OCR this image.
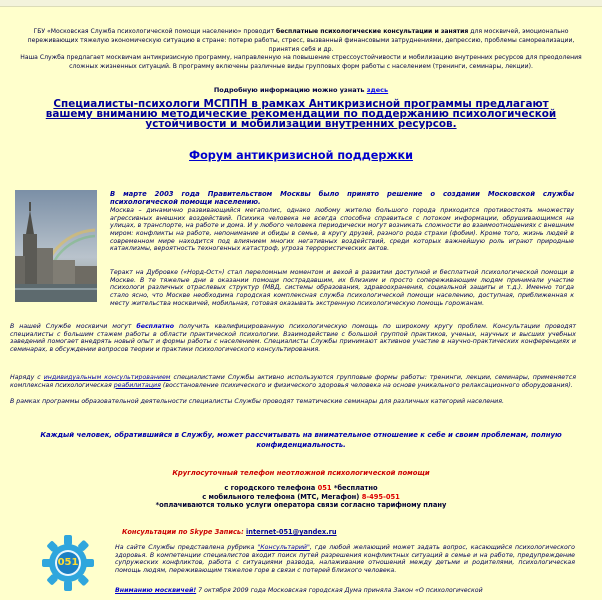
ГБУ «Московская Служба психологической помощи населению» проводит бесплатные психологические консультации и занятия для москвичей, эмоционально переживающих тяжелую экономическую ситуацию в стране: потерю работы, стресс, вызванный финансовыми затруднениями, депрессию, проблемы самореализации, принятия себя и др.

Наша Служба предлагает москвичам антикризисную программу, направленную на повышение стрессоустойчивости и мобилизацию внутренних ресурсов для преодоления сложных жизненных ситуаций. В программу включены различные виды групповых форм работы с населением (тренинги, семинары, лекции).

Подробную информацию можно узнать здесь
Специалисты-психологи МСППН в рамках Антикризисной программы предлагают вашему вниманию методические рекомендации по поддержанию психологической устойчивости и мобилизации внутренних ресурсов.
Форум антикризисной поддержки

В марте 2003 года Правительством Москвы было принято решение о создании Московской службы психологической помощи населению.

Москва – динамично развивающийся мегаполис, однако любому жителю большого города приходится противостоять множеству агрессивных внешних воздействий. Психика человека не всегда способна справиться с потоком информации, обрушивающимся на улицах, в транспорте, на работе и дома. И у любого человека периодически могут возникать сложности во взаимоотношениях с внешним миром: конфликты на работе, непонимание и обиды в семье, в кругу друзей, разного рода страхи (фобии). Кроме того, жизнь людей в современном мире находится под влиянием многих негативных воздействий, среди которых важнейшую роль играют природные катаклизмы, вероятность техногенных катастроф, угроза террористических актов.

Теракт на Дубровке («Норд-Ост») стал переломным моментом и вехой в развитии доступной и бесплатной психологической помощи в Москве. В те тяжелые дни в оказании помощи пострадавшим, их близким и просто сопереживающим людям принимали участие психологи различных отраслевых структур (МВД, системы образования, здравоохранения, социальной защиты и т.д.). Именно тогда стало ясно, что Москве необходима городская комплексная служба психологической помощи населению, доступная, приближенная к месту жительства москвичей, мобильная, готовая оказывать экстренную психологическую помощь горожанам.

В нашей Службе москвичи могут бесплатно получить квалифицированную психологическую помощь по широкому кругу проблем. Консультации проводят специалисты с большим стажем работы в области практической психологии. Взаимодействие с большой группой практиков, ученых, научных и высших учебных заведений помогает внедрять новый опыт и формы работы с населением. Специалисты Службы принимают активное участие в научно-практических конференциях и семинарах, в обсуждении вопросов теории и практики психологического консультирования.

Наряду с индивидуальным консультированием специалистами Службы активно используются групповые формы работы: тренинги, лекции, семинары, применяется комплексная психологическая реабилитация (восстановление психического и физического здоровья человека на основе уникального релаксационного оборудования).

В рамках программы образовательной деятельности специалисты Службы проводят тематические семинары для различных категорий населения.

Каждый человек, обратившийся в Службу, может рассчитывать на внимательное отношение к себе и своим проблемам, полную конфиденциальность.
Круглосуточный телефон неотложной психологической помощи
с городского телефона 051 *бесплатно
с мобильного телефона (МТС, Мегафон) 8-495-051
*оплачиваются только услуги оператора связи согласно тарифному плану
Консультации по Skype Запись: internet-051@yandex.ru
051

На сайте Службы представлена рубрика "Консультарий", где любой желающий может задать вопрос, касающийся психологического здоровья. В компетенции специалистов входит поиск путей разрешения конфликтных ситуаций в семье и на работе, предупреждение супружеских конфликтов, работа с ситуациями развода, налаживание отношений между детьми и родителями, психологическая помощь людям, переживающим тяжелое горе в связи с потерей близкого человека.

Вниманию москвичей! 7 октября 2009 года Московская городская Дума приняла Закон «О психологической
